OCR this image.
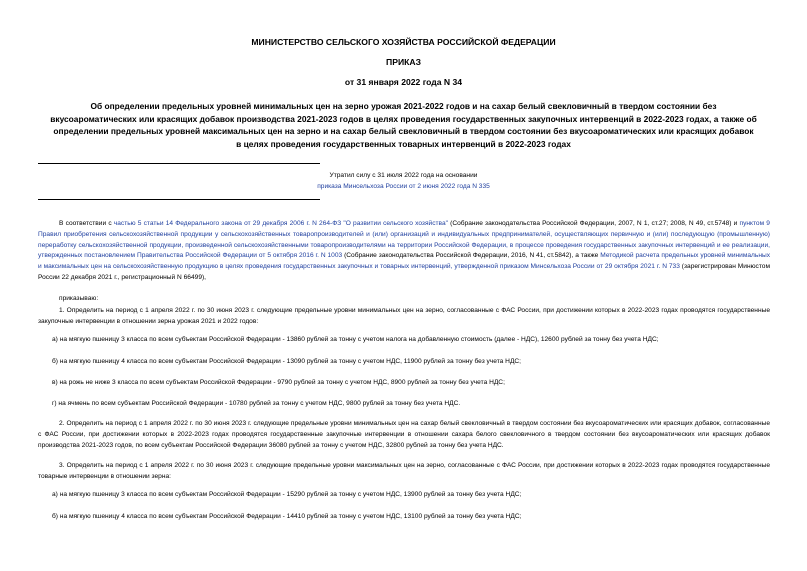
МИНИСТЕРСТВО СЕЛЬСКОГО ХОЗЯЙСТВА РОССИЙСКОЙ ФЕДЕРАЦИИ
ПРИКАЗ
от 31 января 2022 года N 34
Об определении предельных уровней минимальных цен на зерно урожая 2021-2022 годов и на сахар белый свекловичный в твердом состоянии без вкусоароматических или красящих добавок производства 2021-2023 годов в целях проведения государственных закупочных интервенций в 2022-2023 годах, а также об определении предельных уровней максимальных цен на зерно и на сахар белый свекловичный в твердом состоянии без вкусоароматических или красящих добавок в целях проведения государственных товарных интервенций в 2022-2023 годах
Утратил силу с 31 июля 2022 года на основании
приказа Минсельхоза России от 2 июня 2022 года N 335
В соответствии с частью 5 статьи 14 Федерального закона от 29 декабря 2006 г. N 264-ФЗ "О развитии сельского хозяйства" (Собрание законодательства Российской Федерации, 2007, N 1, ст.27; 2008, N 49, ст.5748) и пунктом 9 Правил приобретения сельскохозяйственной продукции у сельскохозяйственных товаропроизводителей и (или) организаций и индивидуальных предпринимателей, осуществляющих первичную и (или) последующую (промышленную) переработку сельскохозяйственной продукции, произведенной сельскохозяйственными товаропроизводителями на территории Российской Федерации, в процессе проведения государственных закупочных интервенций и ее реализации, утвержденных постановлением Правительства Российской Федерации от 5 октября 2016 г. N 1003 (Собрание законодательства Российской Федерации, 2016, N 41, ст.5842), а также Методикой расчета предельных уровней минимальных и максимальных цен на сельскохозяйственную продукцию в целях проведения государственных закупочных и товарных интервенций, утвержденной приказом Минсельхоза России от 29 октября 2021 г. N 733 (зарегистрирован Минюстом России 22 декабря 2021 г., регистрационный N 66499),
приказываю:
1. Определить на период с 1 апреля 2022 г. по 30 июня 2023 г. следующие предельные уровни минимальных цен на зерно, согласованные с ФАС России, при достижении которых в 2022-2023 годах проводятся государственные закупочные интервенции в отношении зерна урожая 2021 и 2022 годов:
а) на мягкую пшеницу 3 класса по всем субъектам Российской Федерации - 13860 рублей за тонну с учетом налога на добавленную стоимость (далее - НДС), 12600 рублей за тонну без учета НДС;
б) на мягкую пшеницу 4 класса по всем субъектам Российской Федерации - 13090 рублей за тонну с учетом НДС, 11900 рублей за тонну без учета НДС;
в) на рожь не ниже 3 класса по всем субъектам Российской Федерации - 9790 рублей за тонну с учетом НДС, 8900 рублей за тонну без учета НДС;
г) на ячмень по всем субъектам Российской Федерации - 10780 рублей за тонну с учетом НДС, 9800 рублей за тонну без учета НДС.
2. Определить на период с 1 апреля 2022 г. по 30 июня 2023 г. следующие предельные уровни минимальных цен на сахар белый свекловичный в твердом состоянии без вкусоароматических или красящих добавок, согласованные с ФАС России, при достижении которых в 2022-2023 годах проводятся государственные закупочные интервенции в отношении сахара белого свекловичного в твердом состоянии без вкусоароматических или красящих добавок производства 2021-2023 годов, по всем субъектам Российской Федерации 36080 рублей за тонну с учетом НДС, 32800 рублей за тонну без учета НДС.
3. Определить на период с 1 апреля 2022 г. по 30 июня 2023 г. следующие предельные уровни максимальных цен на зерно, согласованные с ФАС России, при достижении которых в 2022-2023 годах проводятся государственные товарные интервенции в отношении зерна:
а) на мягкую пшеницу 3 класса по всем субъектам Российской Федерации - 15290 рублей за тонну с учетом НДС, 13900 рублей за тонну без учета НДС;
б) на мягкую пшеницу 4 класса по всем субъектам Российской Федерации - 14410 рублей за тонну с учетом НДС, 13100 рублей за тонну без учета НДС;
